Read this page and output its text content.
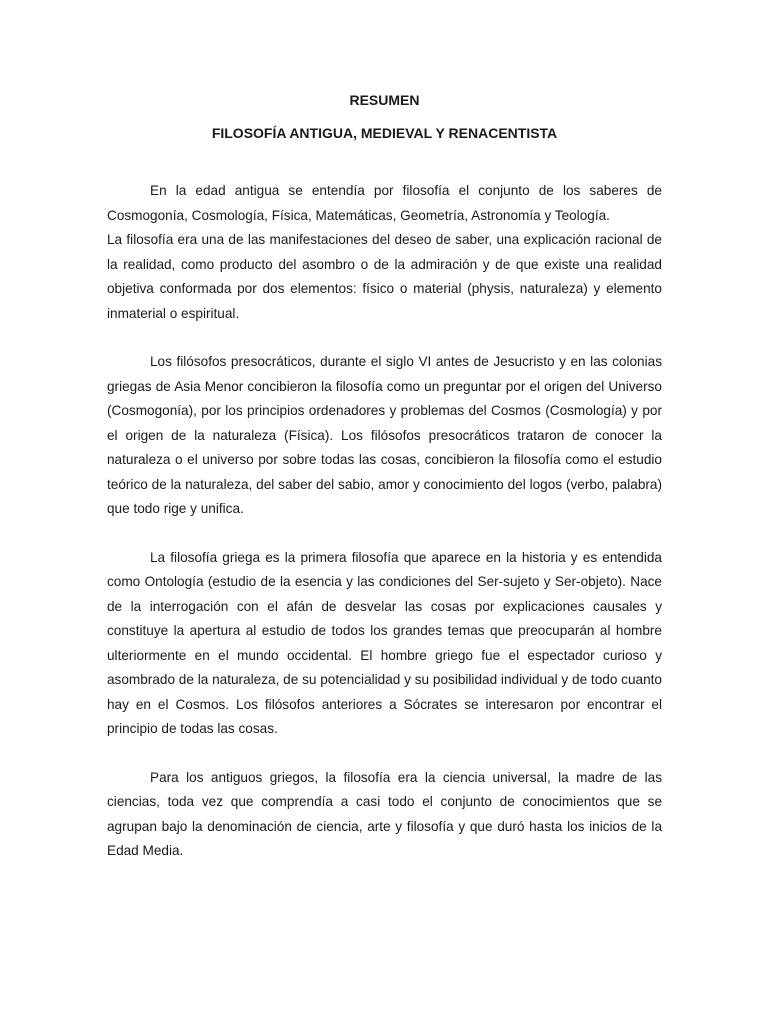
RESUMEN
FILOSOFÍA ANTIGUA, MEDIEVAL Y RENACENTISTA

En la edad antigua se entendía por filosofía el conjunto de los saberes de Cosmogonía, Cosmología, Física, Matemáticas, Geometría, Astronomía y Teología.

La filosofía era una de las manifestaciones del deseo de saber, una explicación racional de la realidad, como producto del asombro o de la admiración y de que existe una realidad objetiva conformada por dos elementos: físico o material (physis, naturaleza) y elemento inmaterial o espiritual.

Los filósofos presocráticos, durante el siglo VI antes de Jesucristo y en las colonias griegas de Asia Menor concibieron la filosofía como un preguntar por el origen del Universo (Cosmogonía), por los principios ordenadores y problemas del Cosmos (Cosmología) y por el origen de la naturaleza (Física). Los filósofos presocráticos trataron de conocer la naturaleza o el universo por sobre todas las cosas, concibieron la filosofía como el estudio teórico de la naturaleza, del saber del sabio, amor y conocimiento del logos (verbo, palabra) que todo rige y unifica.

La filosofía griega es la primera filosofía que aparece en la historia y es entendida como Ontología (estudio de la esencia y las condiciones del Ser-sujeto y Ser-objeto). Nace de la interrogación con el afán de desvelar las cosas por explicaciones causales y constituye la apertura al estudio de todos los grandes temas que preocuparán al hombre ulteriormente en el mundo occidental. El hombre griego fue el espectador curioso y asombrado de la naturaleza, de su potencialidad y su posibilidad individual y de todo cuanto hay en el Cosmos. Los filósofos anteriores a Sócrates se interesaron por encontrar el principio de todas las cosas.

Para los antiguos griegos, la filosofía era la ciencia universal, la madre de las ciencias, toda vez que comprendía a casi todo el conjunto de conocimientos que se agrupan bajo la denominación de ciencia, arte y filosofía y que duró hasta los inicios de la Edad Media.
